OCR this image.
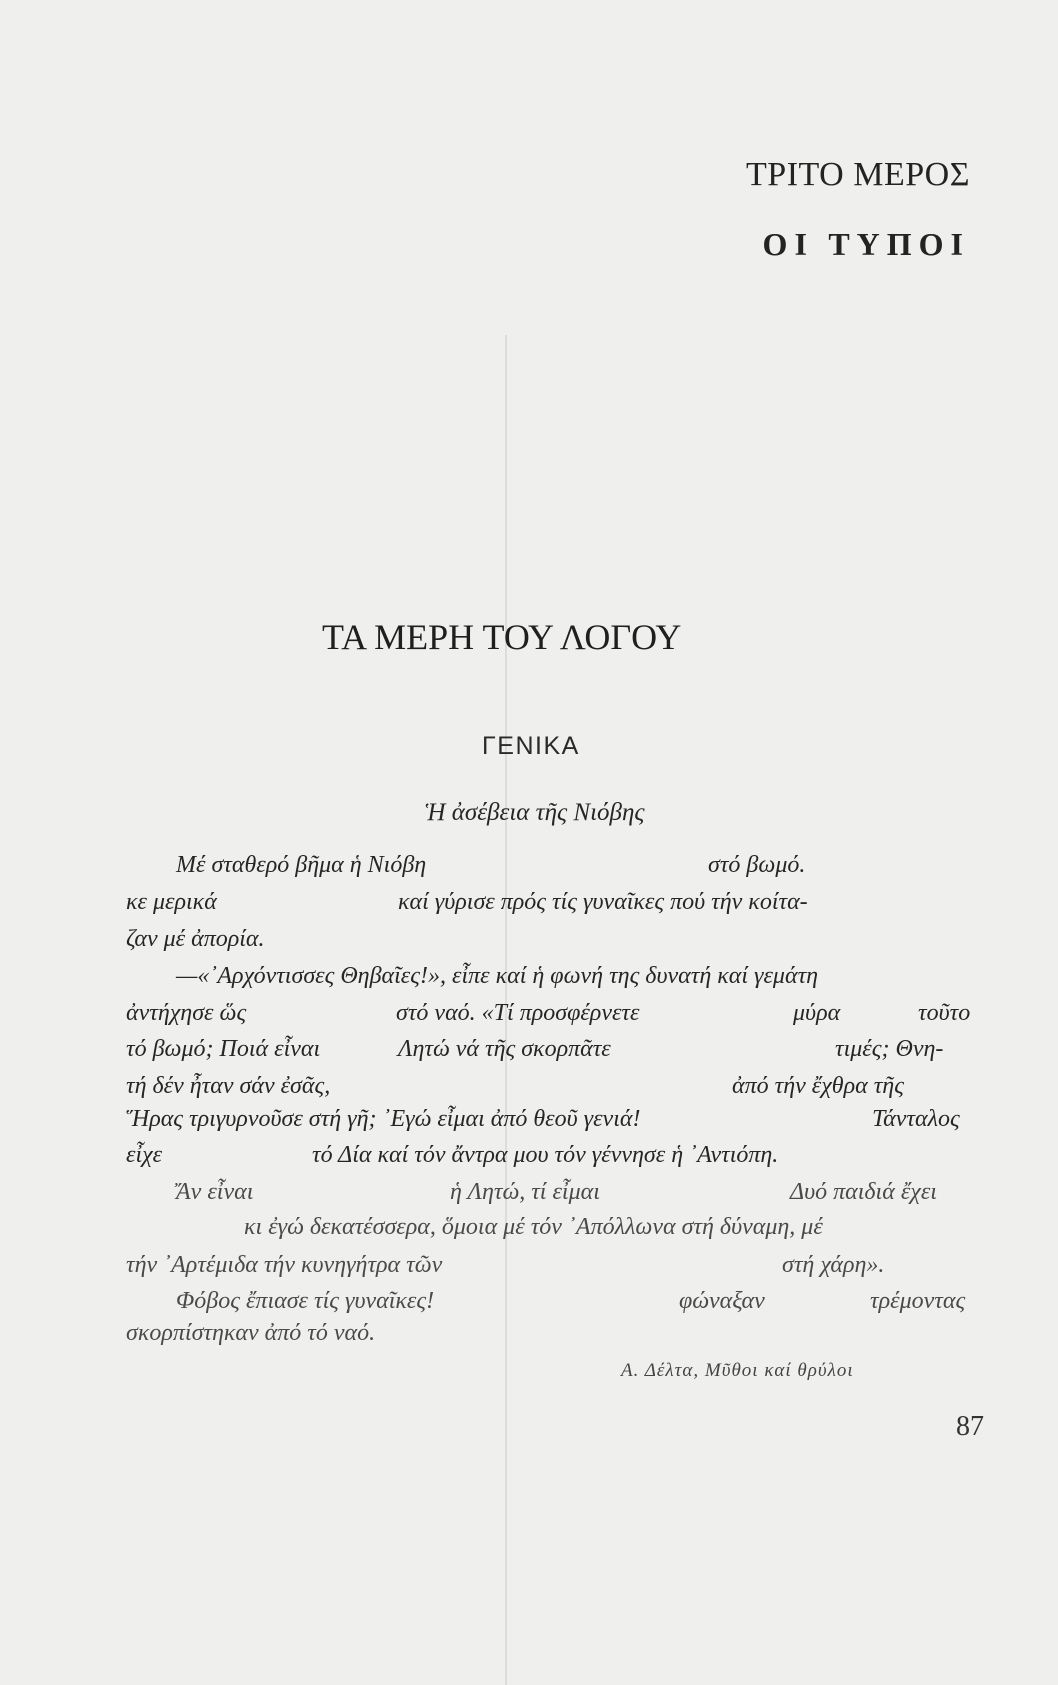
ΤΡΙΤΟ ΜΕΡΟΣ
ΟΙ ΤΥΠΟΙ
ΤΑ ΜΕΡΗ ΤΟΥ ΛΟΓΟΥ
ΓΕΝΙΚΑ
Ἡ ἀσέβεια τῆς Νιόβης
Μέ σταθερό βῆμα ἡ Νιόβη	στό βωμό.
κε μερικά	καί γύρισε πρός τίς γυναῖκες πού τήν κοίτα-
ζαν μέ ἀπορία.
—«᾿Αρχόντισσες Θηβαῖες!», εἶπε καί ἡ φωνή της δυνατή καί γεμάτη
ἀντήχησε ὥς	στό ναό. «Τί προσφέρνετε	μύρα	τοῦτο
τό βωμό; Ποιά εἶναι	Λητώ νά τῆς σκορπᾶτε	τιμές; Θνη-
τή δέν ἦταν σάν ἐσᾶς,	ἀπό τήν ἔχθρα τῆς
Ἥρας τριγυρνοῦσε στή γῆ; ᾿Εγώ εἶμαι ἀπό θεοῦ γενιά!	Τάνταλος
εἶχε	τό Δία καί τόν ἄντρα μου τόν γέννησε ἡ ᾿Αντιόπη.
Ἄν εἶναι	ἡ Λητώ, τί εἶμαι	Δυό παιδιά ἔχει
κι ἐγώ δεκατέσσερα, ὅμοια μέ τόν ᾿Απόλλωνα στή δύναμη, μέ
τήν ᾿Αρτέμιδα τήν κυνηγήτρα τῶν	στή χάρη».
Φόβος ἔπιασε τίς γυναῖκες!	φώναξαν	τρέμοντας
σκορπίστηκαν ἀπό τό ναό.
Α. Δέλτα, Μῦθοι καί θρύλοι
87
